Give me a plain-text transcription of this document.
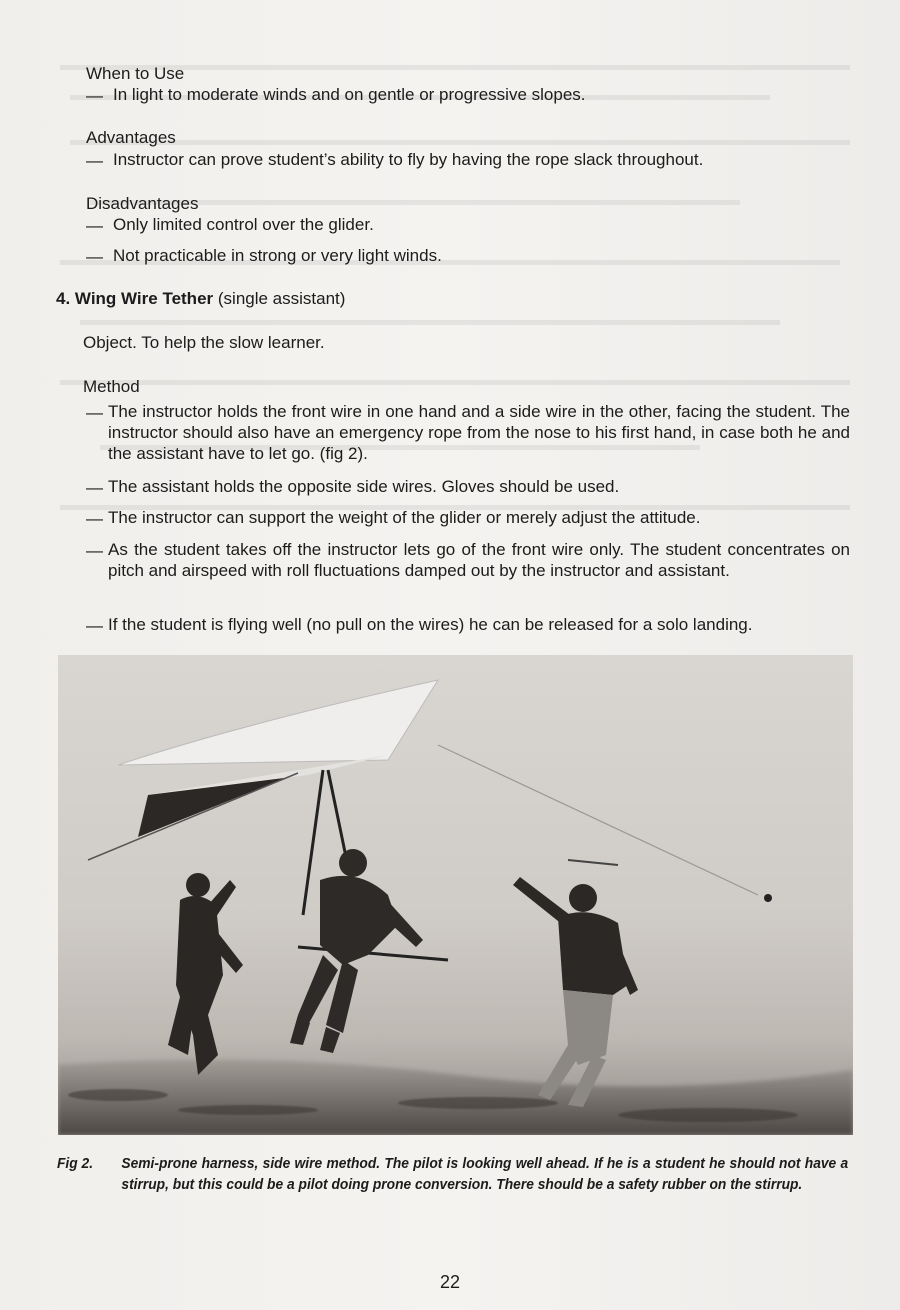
When to Use
— In light to moderate winds and on gentle or progressive slopes.
Advantages
— Instructor can prove student’s ability to fly by having the rope slack throughout.
Disadvantages
— Only limited control over the glider.
— Not practicable in strong or very light winds.
4. Wing Wire Tether (single assistant)
Object. To help the slow learner.
Method
— The instructor holds the front wire in one hand and a side wire in the other, facing the student. The instructor should also have an emergency rope from the nose to his first hand, in case both he and the assistant have to let go. (fig 2).
— The assistant holds the opposite side wires. Gloves should be used.
— The instructor can support the weight of the glider or merely adjust the attitude.
— As the student takes off the instructor lets go of the front wire only. The student concentrates on pitch and airspeed with roll fluctuations damped out by the instructor and assistant.
— If the student is flying well (no pull on the wires) he can be released for a solo landing.
Fig 2. Semi-prone harness, side wire method. The pilot is looking well ahead. If he is a student he should not have a stirrup, but this could be a pilot doing prone conversion. There should be a safety rubber on the stirrup.
22
